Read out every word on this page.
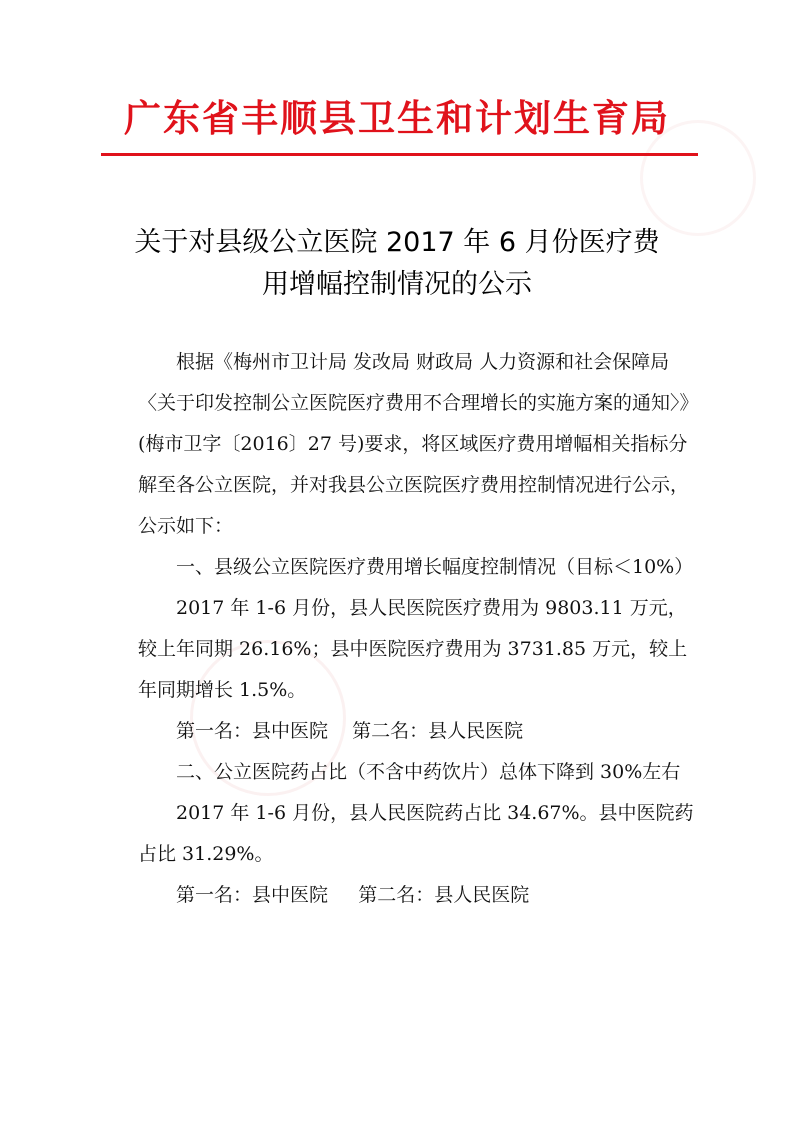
广东省丰顺县卫生和计划生育局
关于对县级公立医院 2017 年 6 月份医疗费
用增幅控制情况的公示

根据《梅州市卫计局 发改局 财政局 人力资源和社会保障局〈关于印发控制公立医院医疗费用不合理增长的实施方案的通知〉》(梅市卫字〔2016〕27 号)要求，将区域医疗费用增幅相关指标分解至各公立医院，并对我县公立医院医疗费用控制情况进行公示，公示如下：

一、县级公立医院医疗费用增长幅度控制情况（目标＜10%）

2017 年 1-6 月份，县人民医院医疗费用为 9803.11 万元，较上年同期 26.16%；县中医院医疗费用为 3731.85 万元，较上年同期增长 1.5%。

第一名：县中医院    第二名：县人民医院

二、公立医院药占比（不含中药饮片）总体下降到 30%左右

2017 年 1-6 月份，县人民医院药占比 34.67%。县中医院药占比 31.29%。

第一名：县中医院     第二名：县人民医院
